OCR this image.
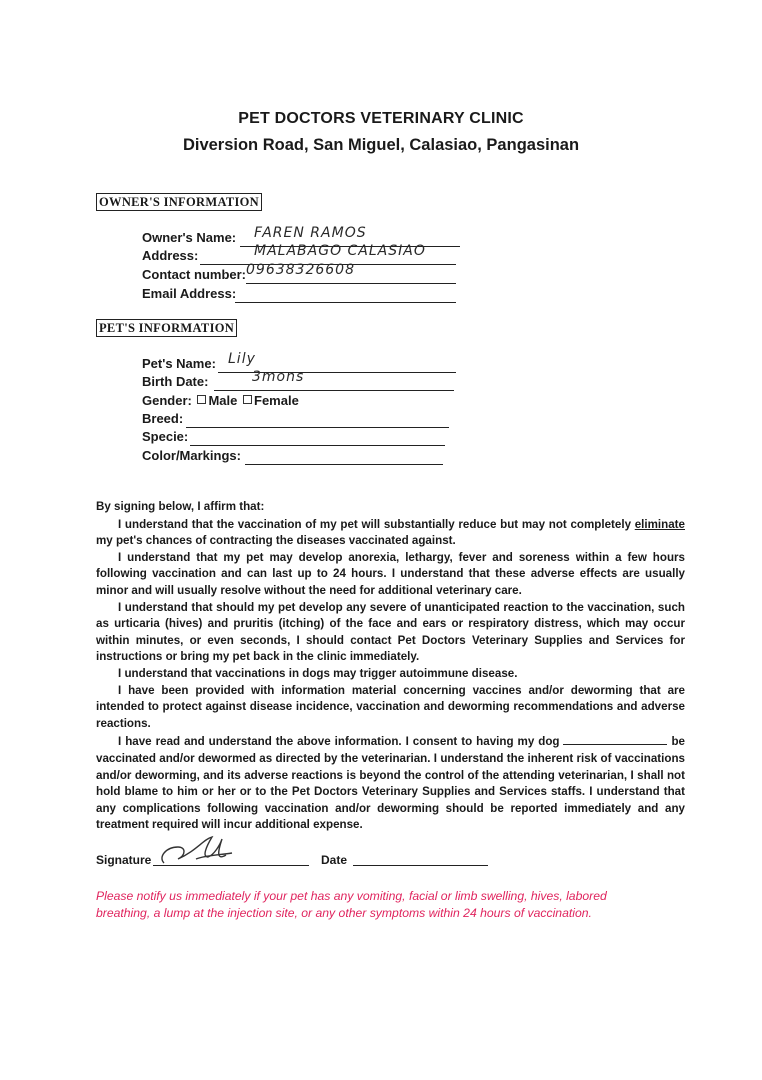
PET DOCTORS VETERINARY CLINIC
Diversion Road, San Miguel, Calasiao, Pangasinan
OWNER'S INFORMATION
Owner's Name: FAREN RAMOS
Address:	MALABAGO CALASIAO
Contact number: 09638326608
Email Address:
PET'S INFORMATION
Pet's Name: Lily
Birth Date:	3mons
Gender: Male Female
Breed:
Specie:
Color/Markings:

By signing below, I affirm that:

I understand that the vaccination of my pet will substantially reduce but may not completely eliminate my pet's chances of contracting the diseases vaccinated against.

I understand that my pet may develop anorexia, lethargy, fever and soreness within a few hours following vaccination and can last up to 24 hours. I understand that these adverse effects are usually minor and will usually resolve without the need for additional veterinary care.

I understand that should my pet develop any severe of unanticipated reaction to the vaccination, such as urticaria (hives) and pruritis (itching) of the face and ears or respiratory distress, which may occur within minutes, or even seconds, I should contact Pet Doctors Veterinary Supplies and Services for instructions or bring my pet back in the clinic immediately.

I understand that vaccinations in dogs may trigger autoimmune disease.

I have been provided with information material concerning vaccines and/or deworming that are intended to protect against disease incidence, vaccination and deworming recommendations and adverse reactions.

I have read and understand the above information. I consent to having my dog	be vaccinated and/or dewormed as directed by the veterinarian. I understand the inherent risk of vaccinations and/or deworming, and its adverse reactions is beyond the control of the attending veterinarian, I shall not hold blame to him or her or to the Pet Doctors Veterinary Supplies and Services staffs. I understand that any complications following vaccination and/or deworming should be reported immediately and any treatment required will incur additional expense.

Signature	Date
Please notify us immediately if your pet has any vomiting, facial or limb swelling, hives, labored breathing, a lump at the injection site, or any other symptoms within 24 hours of vaccination.
